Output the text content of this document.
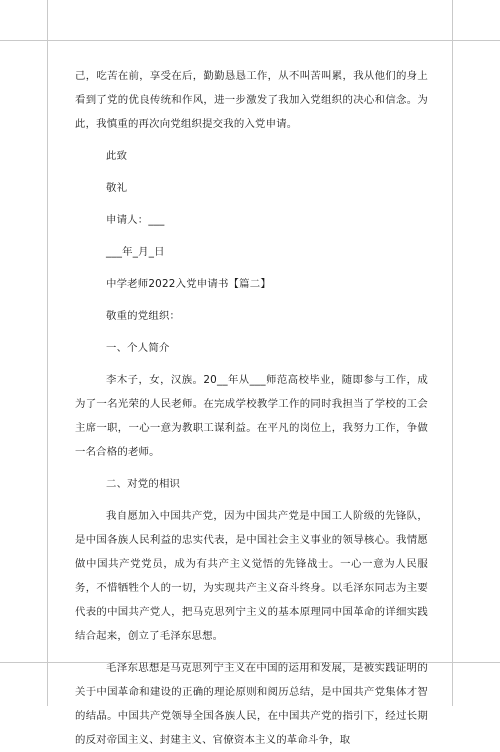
己，吃苦在前，享受在后，勤勤恳恳工作，从不叫苦叫累，我从他们的身上看到了党的优良传统和作风，进一步激发了我加入党组织的决心和信念。为此，我慎重的再次向党组织提交我的入党申请。

此致

敬礼

申请人：___

___年_月_日

中学老师2022入党申请书【篇二】

敬重的党组织：

一、个人简介

李木子，女，汉族。20__年从___师范高校毕业，随即参与工作，成为了一名光荣的人民老师。在完成学校教学工作的同时我担当了学校的工会主席一职，一心一意为教职工谋利益。在平凡的岗位上，我努力工作，争做一名合格的老师。

二、对党的相识

我自愿加入中国共产党，因为中国共产党是中国工人阶级的先锋队，是中国各族人民利益的忠实代表，是中国社会主义事业的领导核心。我情愿做中国共产党党员，成为有共产主义觉悟的先锋战士。一心一意为人民服务，不惜牺牲个人的一切，为实现共产主义奋斗终身。以毛泽东同志为主要代表的中国共产党人，把马克思列宁主义的基本原理同中国革命的详细实践结合起来，创立了毛泽东思想。

毛泽东思想是马克思列宁主义在中国的运用和发展，是被实践证明的关于中国革命和建设的正确的理论原则和阅历总结，是中国共产党集体才智的结晶。中国共产党领导全国各族人民，在中国共产党的指引下，经过长期的反对帝国主义、封建主义、官僚资本主义的革命斗争，取
